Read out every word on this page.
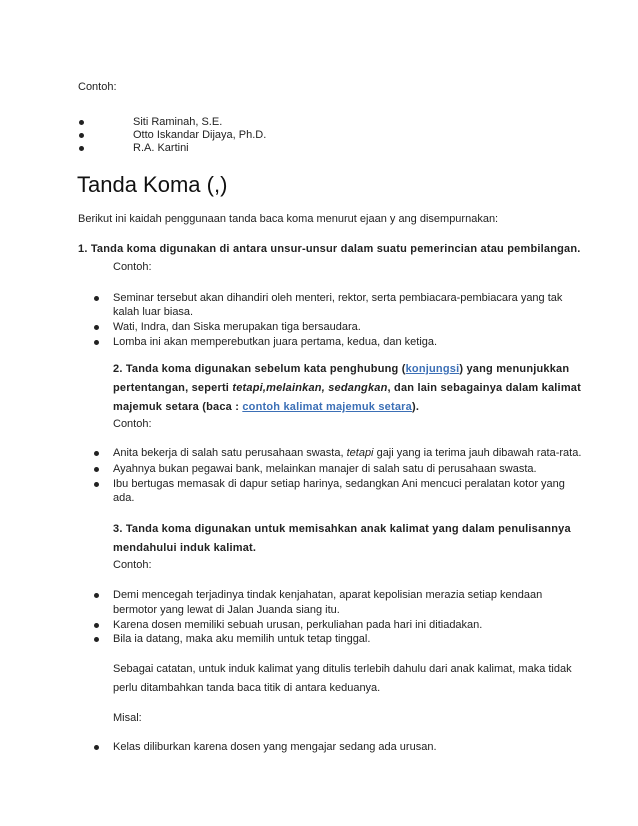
Contoh:
Siti Raminah, S.E.
Otto Iskandar Dijaya, Ph.D.
R.A. Kartini
Tanda Koma (,)
Berikut ini kaidah penggunaan tanda baca koma menurut ejaan y ang disempurnakan:
1. Tanda koma digunakan di antara unsur-unsur dalam suatu pemerincian atau pembilangan.
Contoh:
Seminar tersebut akan dihandiri oleh menteri, rektor, serta pembiacara-pembiacara yang tak
kalah luar biasa.
Wati, Indra, dan Siska merupakan tiga bersaudara.
Lomba ini akan memperebutkan juara pertama, kedua, dan ketiga.
2. Tanda koma digunakan sebelum kata penghubung (konjungsi) yang menunjukkan
pertentangan, seperti tetapi,melainkan, sedangkan, dan lain sebagainya dalam kalimat
majemuk setara (baca : contoh kalimat majemuk setara).
Contoh:
Anita bekerja di salah satu perusahaan swasta, tetapi gaji yang ia terima jauh dibawah rata-rata.
Ayahnya bukan pegawai bank, melainkan manajer di salah satu di perusahaan swasta.
Ibu bertugas memasak di dapur setiap harinya, sedangkan Ani mencuci peralatan kotor yang
ada.
3. Tanda koma digunakan untuk memisahkan anak kalimat yang dalam penulisannya
mendahului induk kalimat.
Contoh:
Demi mencegah terjadinya tindak kenjahatan, aparat kepolisian merazia setiap kendaan
bermotor yang lewat di Jalan Juanda siang itu.
Karena dosen memiliki sebuah urusan, perkuliahan pada hari ini ditiadakan.
Bila ia datang, maka aku memilih untuk tetap tinggal.
Sebagai catatan, untuk induk kalimat yang ditulis terlebih dahulu dari anak kalimat, maka tidak
perlu ditambahkan tanda baca titik di antara keduanya.
Misal:
Kelas diliburkan karena dosen yang mengajar sedang ada urusan.
